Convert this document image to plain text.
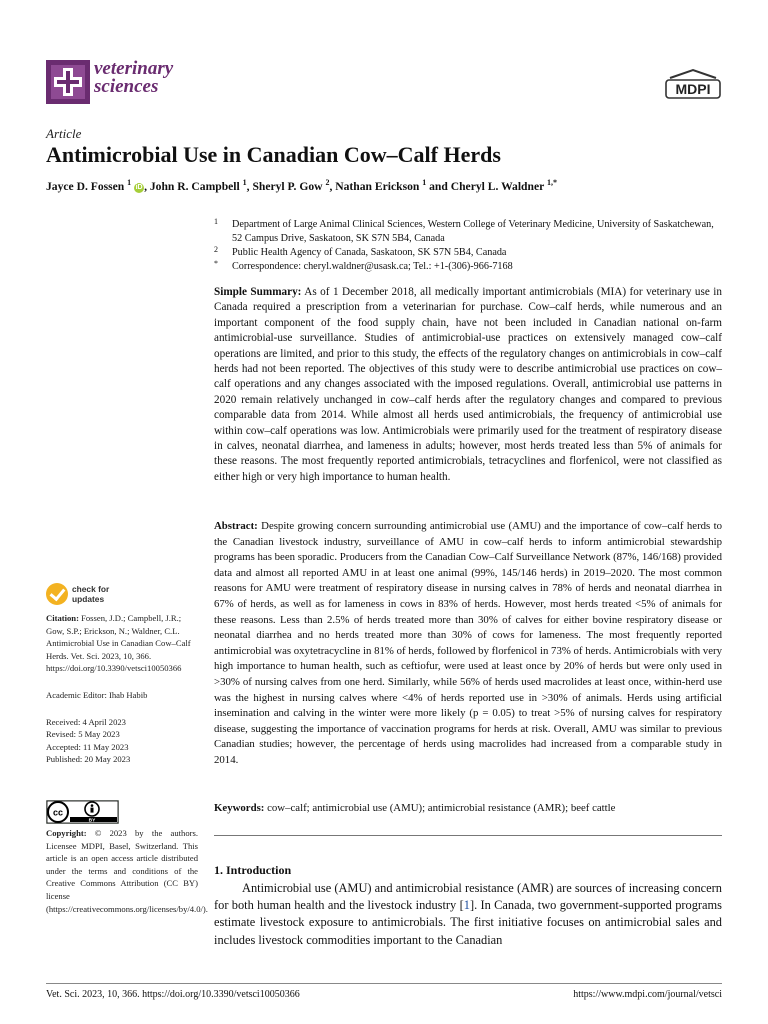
veterinary
sciences	MDPI
Article
Antimicrobial Use in Canadian Cow–Calf Herds
Jayce D. Fossen $^1$ iD , John R. Campbell $^1$, Sheryl P. Gow $^2$, Nathan Erickson $^1$ and Cheryl L. Waldner $^{1,*}$
1 Department of Large Animal Clinical Sciences, Western College of Veterinary Medicine, University of Saskatchewan, 52 Campus Drive, Saskatoon, SK S7N 5B4, Canada
2 Public Health Agency of Canada, Saskatoon, SK S7N 5B4, Canada
* Correspondence: cheryl.waldner@usask.ca; Tel.: +1-(306)-966-7168
Simple Summary: As of 1 December 2018, all medically important antimicrobials (MIA) for veterinary use in Canada required a prescription from a veterinarian for purchase. Cow–calf herds, while numerous and an important component of the food supply chain, have not been included in Canadian national on-farm antimicrobial-use surveillance. Studies of antimicrobial-use practices on extensively managed cow–calf operations are limited, and prior to this study, the effects of the regulatory changes on antimicrobials in cow–calf herds had not been reported. The objectives of this study were to describe antimicrobial use practices on cow–calf operations and any changes associated with the imposed regulations. Overall, antimicrobial use patterns in 2020 remain relatively unchanged in cow–calf herds after the regulatory changes and compared to previous comparable data from 2014. While almost all herds used antimicrobials, the frequency of antimicrobial use within cow–calf operations was low. Antimicrobials were primarily used for the treatment of respiratory disease in calves, neonatal diarrhea, and lameness in adults; however, most herds treated less than 5% of animals for these reasons. The most frequently reported antimicrobials, tetracyclines and florfenicol, were not classified as either high or very high importance to human health.
Abstract: Despite growing concern surrounding antimicrobial use (AMU) and the importance of cow–calf herds to the Canadian livestock industry, surveillance of AMU in cow–calf herds to inform antimicrobial stewardship programs has been sporadic. Producers from the Canadian Cow–Calf Surveillance Network (87%, 146/168) provided data and almost all reported AMU in at least one animal (99%, 145/146 herds) in 2019–2020. The most common reasons for AMU were treatment of respiratory disease in nursing calves in 78% of herds and neonatal diarrhea in 67% of herds, as well as for lameness in cows in 83% of herds. However, most herds treated <5% of animals for these reasons. Less than 2.5% of herds treated more than 30% of calves for either bovine respiratory disease or neonatal diarrhea and no herds treated more than 30% of cows for lameness. The most frequently reported antimicrobial was oxytetracycline in 81% of herds, followed by florfenicol in 73% of herds. Antimicrobials with very high importance to human health, such as ceftiofur, were used at least once by 20% of herds but were only used in >30% of nursing calves from one herd. Similarly, while 56% of herds used macrolides at least once, within-herd use was the highest in nursing calves where <4% of herds reported use in >30% of animals. Herds using artificial insemination and calving in the winter were more likely (p = 0.05) to treat >5% of nursing calves for respiratory disease, suggesting the importance of vaccination programs for herds at risk. Overall, AMU was similar to previous Canadian studies; however, the percentage of herds using macrolides had increased from a comparable study in 2014.
Keywords: cow–calf; antimicrobial use (AMU); antimicrobial resistance (AMR); beef cattle
1. Introduction
Antimicrobial use (AMU) and antimicrobial resistance (AMR) are sources of increasing concern for both human health and the livestock industry [1]. In Canada, two government-supported programs estimate livestock exposure to antimicrobials. The first initiative focuses on antimicrobial sales and includes livestock commodities important to the Canadian
check for
updates

Citation: Fossen, J.D.; Campbell, J.R.; Gow, S.P.; Erickson, N.; Waldner, C.L. Antimicrobial Use in Canadian Cow–Calf Herds. Vet. Sci. 2023, 10, 366. https://doi.org/10.3390/vetsci10050366

Academic Editor: Ihab Habib

Received: 4 April 2023

Revised: 5 May 2023

Accepted: 11 May 2023

Published: 20 May 2023

cc
BY
Copyright: © 2023 by the authors. Licensee MDPI, Basel, Switzerland. This article is an open access article distributed under the terms and conditions of the Creative Commons Attribution (CC BY) license (https://creativecommons.org/licenses/by/4.0/).
Vet. Sci. 2023, 10, 366. https://doi.org/10.3390/vetsci10050366	https://www.mdpi.com/journal/vetsci
